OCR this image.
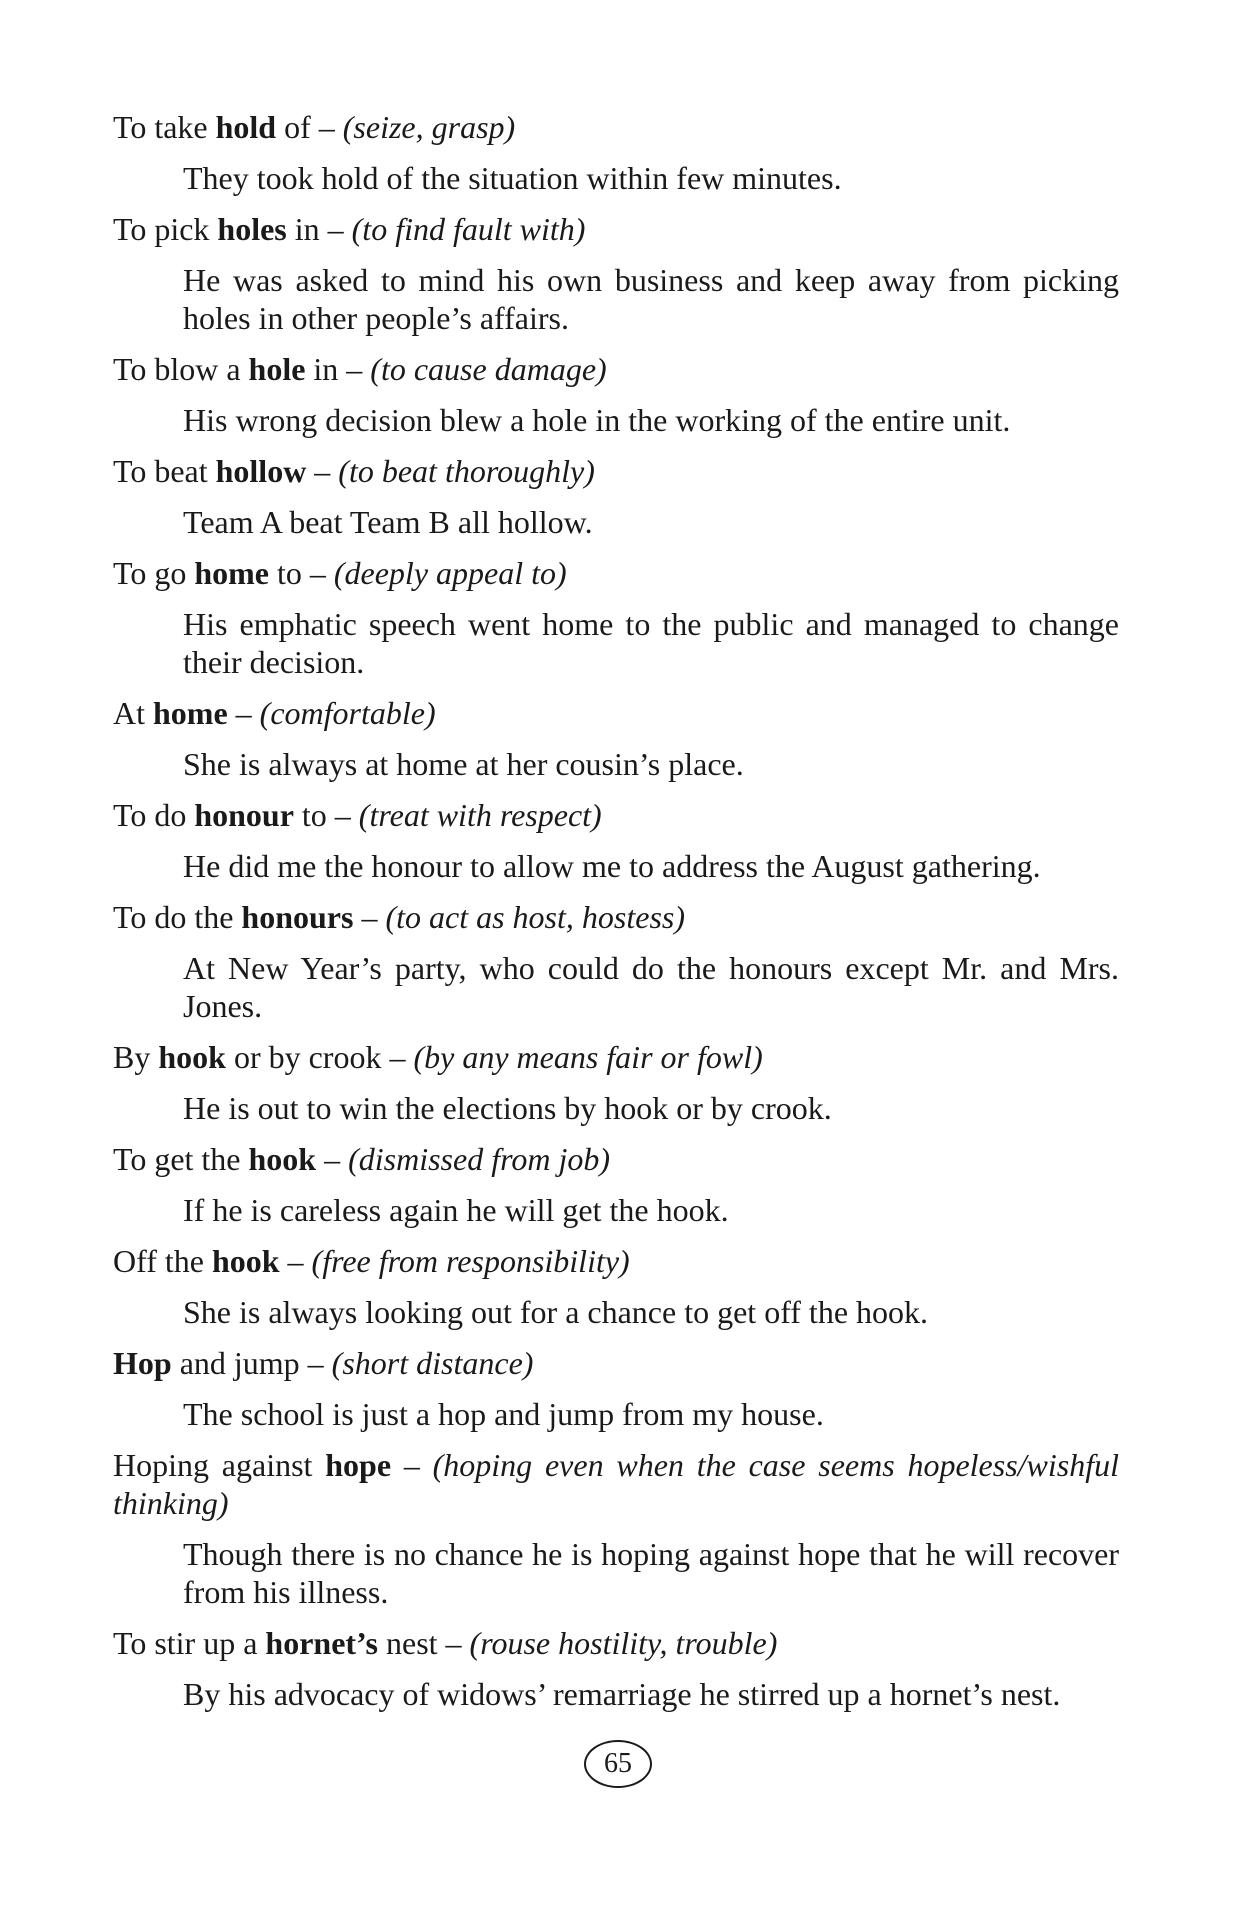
To take hold of – (seize, grasp)
They took hold of the situation within few minutes.
To pick holes in – (to find fault with)
He was asked to mind his own business and keep away from picking holes in other people’s affairs.
To blow a hole in – (to cause damage)
His wrong decision blew a hole in the working of the entire unit.
To beat hollow – (to beat thoroughly)
Team A beat Team B all hollow.
To go home to – (deeply appeal to)
His emphatic speech went home to the public and managed to change their decision.
At home – (comfortable)
She is always at home at her cousin’s place.
To do honour to – (treat with respect)
He did me the honour to allow me to address the August gathering.
To do the honours – (to act as host, hostess)
At New Year’s party, who could do the honours except Mr. and Mrs. Jones.
By hook or by crook – (by any means fair or fowl)
He is out to win the elections by hook or by crook.
To get the hook – (dismissed from job)
If he is careless again he will get the hook.
Off the hook – (free from responsibility)
She is always looking out for a chance to get off the hook.
Hop and jump – (short distance)
The school is just a hop and jump from my house.
Hoping against hope – (hoping even when the case seems hopeless/wishful thinking)
Though there is no chance he is hoping against hope that he will recover from his illness.
To stir up a hornet’s nest – (rouse hostility, trouble)
By his advocacy of widows’ remarriage he stirred up a hornet’s nest.
65
